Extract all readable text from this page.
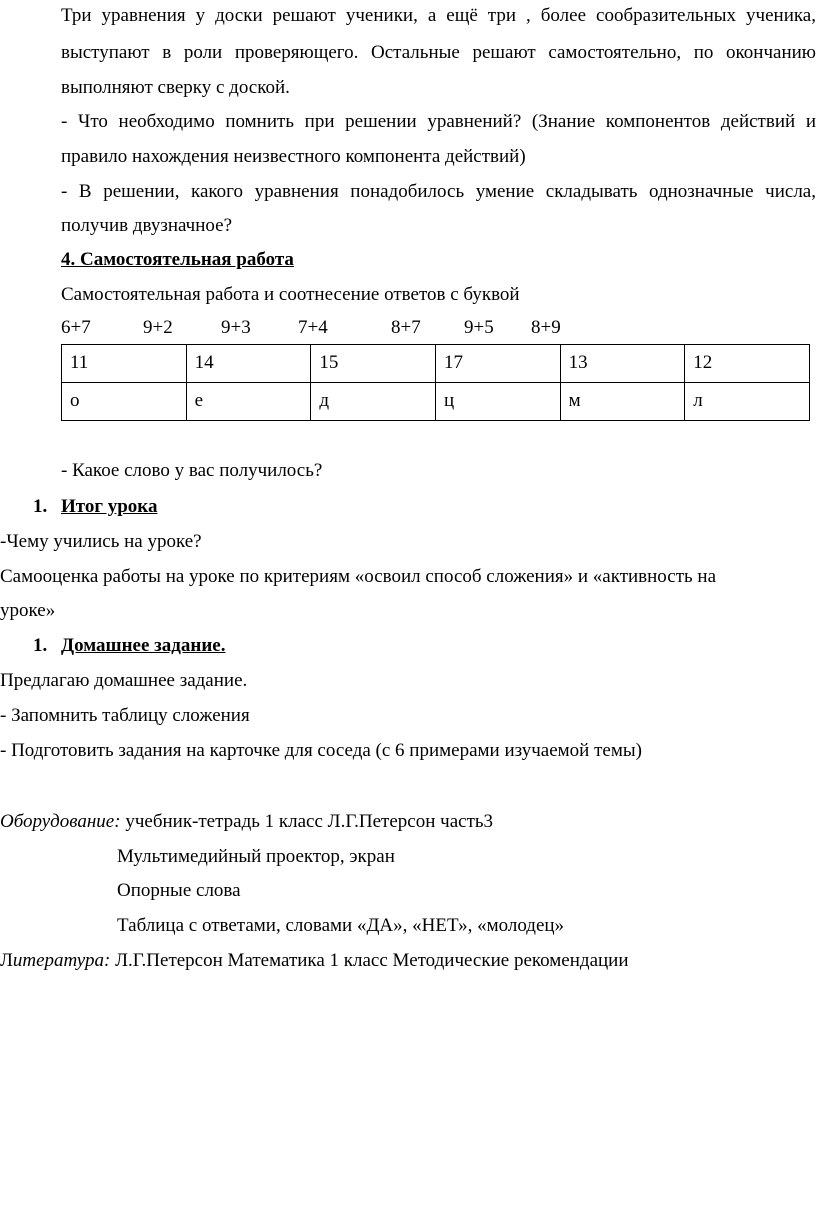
Три уравнения у доски решают ученики, а ещё три , более сообразительных ученика,
выступают в роли проверяющего. Остальные решают самостоятельно, по окончанию
выполняют сверку с доской.
- Что необходимо помнить при решении уравнений? (Знание компонентов действий и
правило нахождения неизвестного компонента действий)
- В решении, какого уравнения понадобилось умение складывать однозначные числа,
получив двузначное?
4. Самостоятельная работа
Самостоятельная работа и соотнесение ответов с буквой
6+7	9+2	9+3 7+4	8+7 9+5 8+9
11	14	15	17	13	12
о	е	д	ц	м	л
- Какое слово у вас получилось?
1. Итог урока
-Чему учились на уроке?
Самооценка работы на уроке по критериям «освоил способ сложения» и «активность на
уроке»
1. Домашнее задание.
Предлагаю домашнее задание.
- Запомнить таблицу сложения
- Подготовить задания на карточке для соседа (с 6 примерами изучаемой темы)
Оборудование: учебник-тетрадь 1 класс Л.Г.Петерсон часть3
Мультимедийный проектор, экран
Опорные слова
Таблица с ответами, словами «ДА», «НЕТ», «молодец»
Литература: Л.Г.Петерсон Математика 1 класс Методические рекомендации
